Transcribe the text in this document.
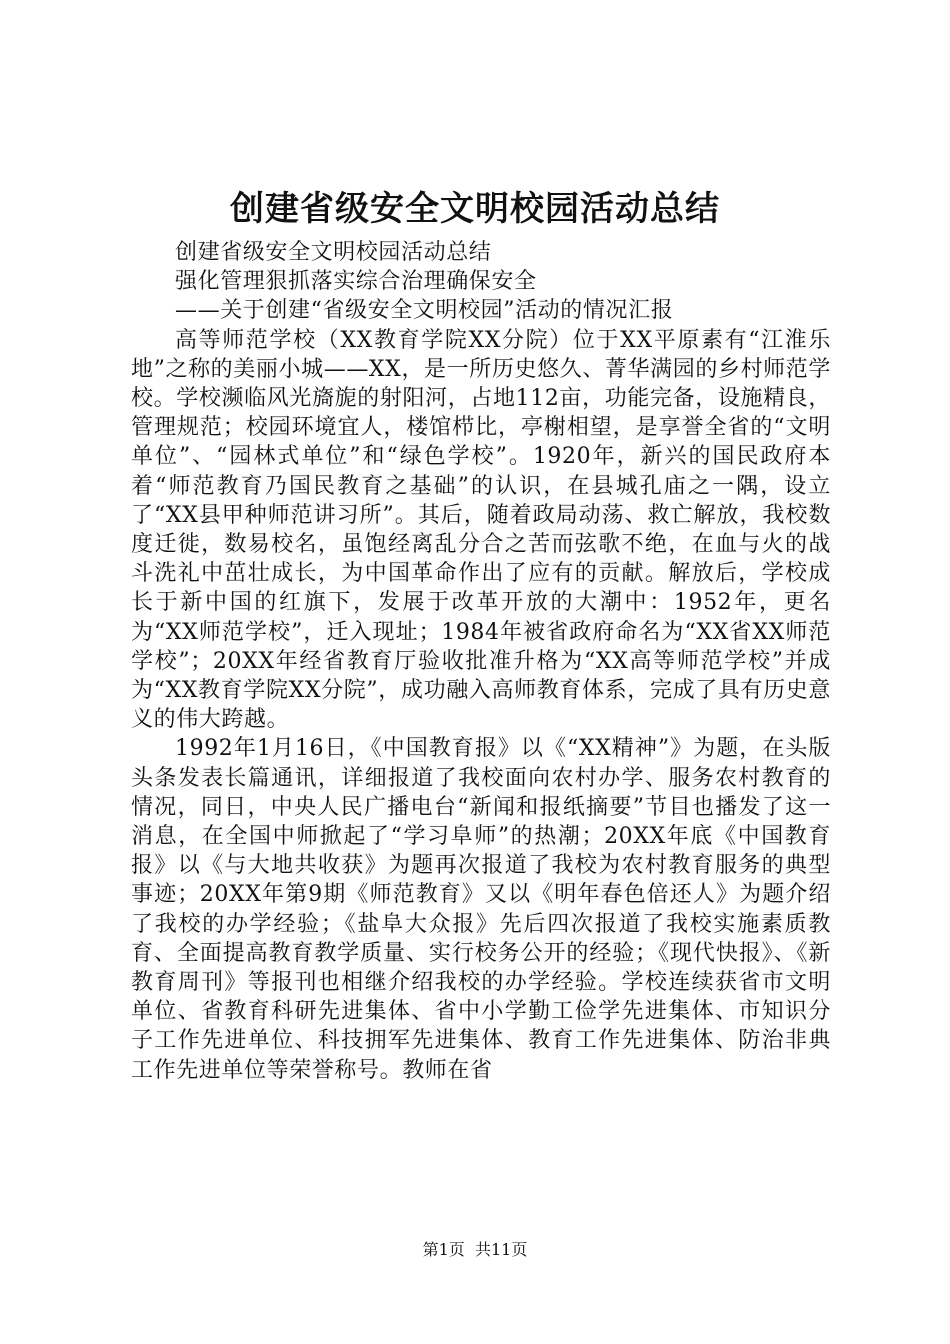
创建省级安全文明校园活动总结

创建省级安全文明校园活动总结

强化管理狠抓落实综合治理确保安全

——关于创建“省级安全文明校园”活动的情况汇报

高等师范学校（XX教育学院XX分院）位于XX平原素有“江淮乐地”之称的美丽小城——XX，是一所历史悠久、菁华满园的乡村师范学校。学校濒临风光旖旎的射阳河，占地112亩，功能完备，设施精良，管理规范；校园环境宜人，楼馆栉比，亭榭相望，是享誉全省的“文明单位”、“园林式单位”和“绿色学校”。1920年，新兴的国民政府本着“师范教育乃国民教育之基础”的认识，在县城孔庙之一隅，设立了“XX县甲种师范讲习所”。其后，随着政局动荡、救亡解放，我校数度迁徙，数易校名，虽饱经离乱分合之苦而弦歌不绝，在血与火的战斗洗礼中茁壮成长，为中国革命作出了应有的贡献。解放后，学校成长于新中国的红旗下，发展于改革开放的大潮中：1952年，更名为“XX师范学校”，迁入现址；1984年被省政府命名为“XX省XX师范学校”；20XX年经省教育厅验收批准升格为“XX高等师范学校”并成为“XX教育学院XX分院”，成功融入高师教育体系，完成了具有历史意义的伟大跨越。

1992年1月16日，《中国教育报》以《“XX精神”》为题，在头版头条发表长篇通讯，详细报道了我校面向农村办学、服务农村教育的情况，同日，中央人民广播电台“新闻和报纸摘要”节目也播发了这一消息，在全国中师掀起了“学习阜师”的热潮；20XX年底《中国教育报》以《与大地共收获》为题再次报道了我校为农村教育服务的典型事迹；20XX年第9期《师范教育》又以《明年春色倍还人》为题介绍了我校的办学经验；《盐阜大众报》先后四次报道了我校实施素质教育、全面提高教育教学质量、实行校务公开的经验；《现代快报》、《新教育周刊》等报刊也相继介绍我校的办学经验。学校连续获省市文明单位、省教育科研先进集体、省中小学勤工俭学先进集体、市知识分子工作先进单位、科技拥军先进集体、教育工作先进集体、防治非典工作先进单位等荣誉称号。教师在省

第1页 共11页
